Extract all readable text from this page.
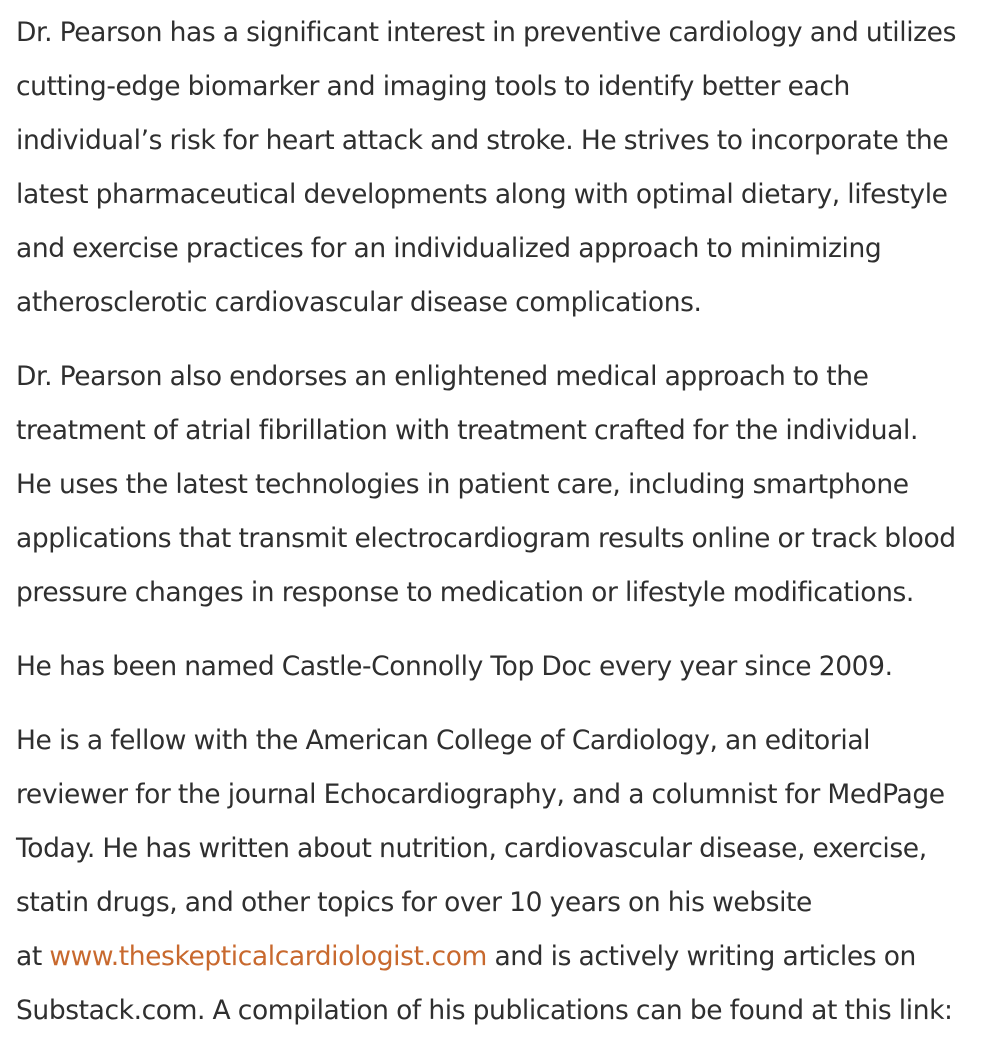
Dr. Pearson has a significant interest in preventive cardiology and utilizes
cutting-edge biomarker and imaging tools to identify better each
individual’s risk for heart attack and stroke. He strives to incorporate the
latest pharmaceutical developments along with optimal dietary, lifestyle
and exercise practices for an individualized approach to minimizing
atherosclerotic cardiovascular disease complications.

Dr. Pearson also endorses an enlightened medical approach to the
treatment of atrial fibrillation with treatment crafted for the individual.
He uses the latest technologies in patient care, including smartphone
applications that transmit electrocardiogram results online or track blood
pressure changes in response to medication or lifestyle modifications.

He has been named Castle-Connolly Top Doc every year since 2009.

He is a fellow with the American College of Cardiology, an editorial
reviewer for the journal Echocardiography, and a columnist for MedPage
Today. He has written about nutrition, cardiovascular disease, exercise,
statin drugs, and other topics for over 10 years on his website
at www.theskepticalcardiologist.com and is actively writing articles on
Substack.com. A compilation of his publications can be found at this link:
